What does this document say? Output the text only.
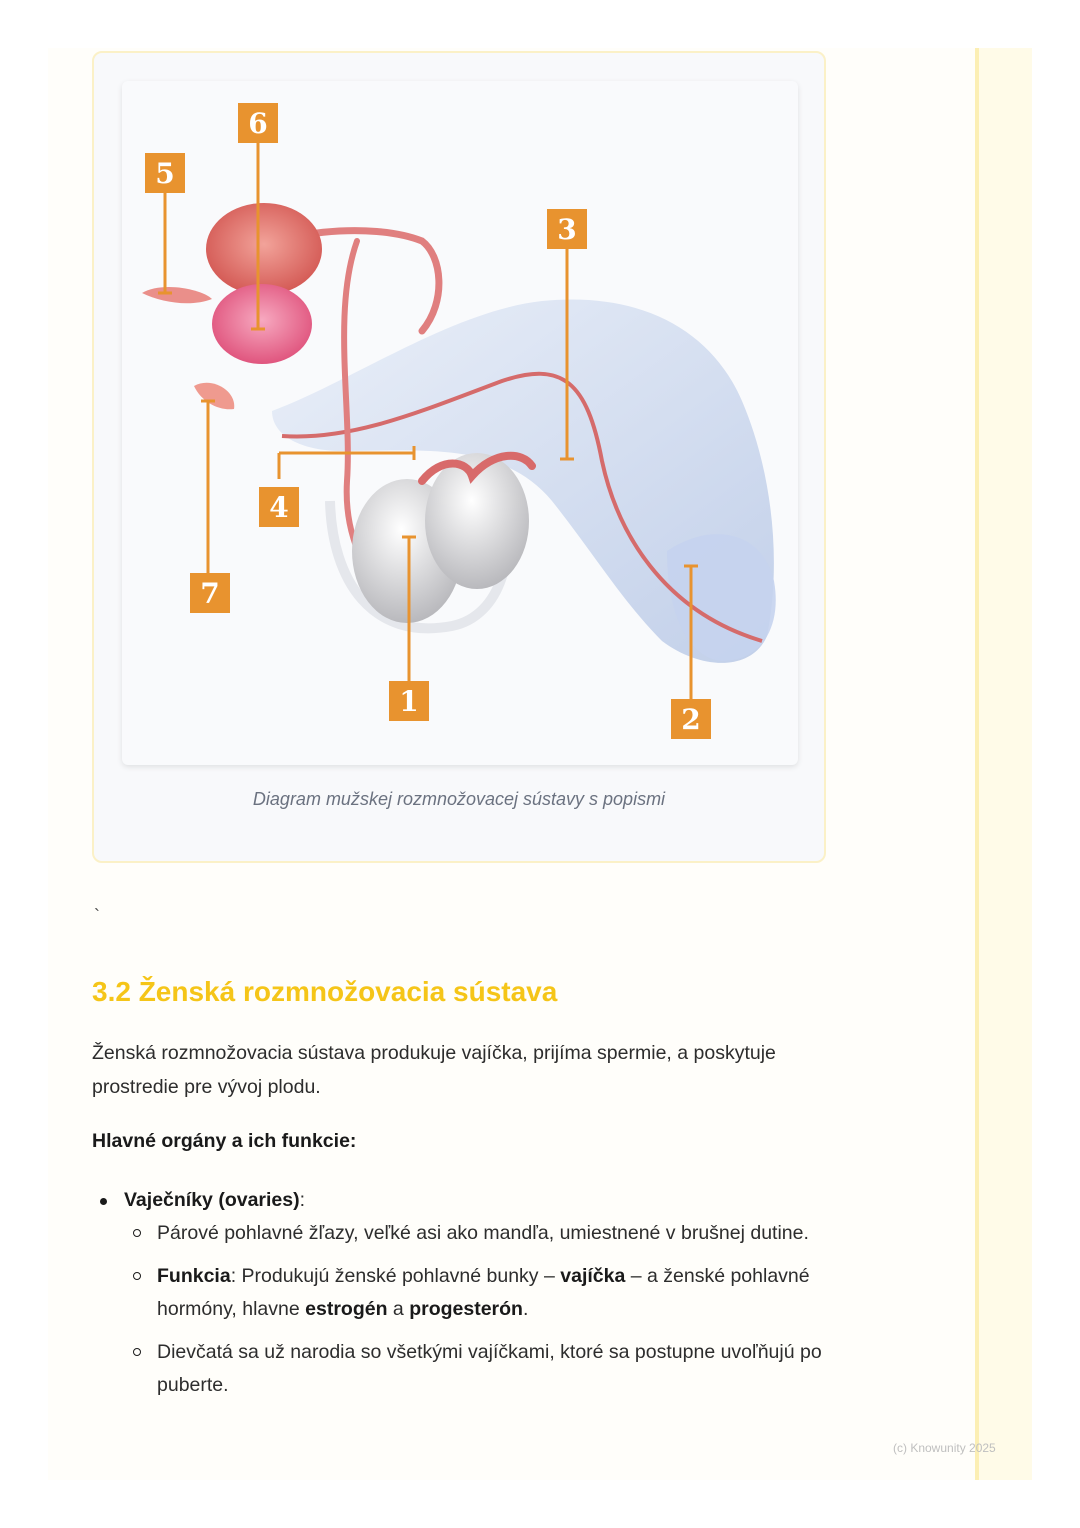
5
6
3
4
7
1
2
Diagram mužskej rozmnožovacej sústavy s popismi
`
3.2 Ženská rozmnožovacia sústava

Ženská rozmnožovacia sústava produkuje vajíčka, prijíma spermie, a poskytuje prostredie pre vývoj plodu.

Hlavné orgány a ich funkcie:

Vaječníky (ovaries):
Párové pohlavné žľazy, veľké asi ako mandľa, umiestnené v brušnej dutine.
Funkcia: Produkujú ženské pohlavné bunky – vajíčka – a ženské pohlavné hormóny, hlavne estrogén a progesterón.
Dievčatá sa už narodia so všetkými vajíčkami, ktoré sa postupne uvoľňujú po puberte.
(c) Knowunity 2025
